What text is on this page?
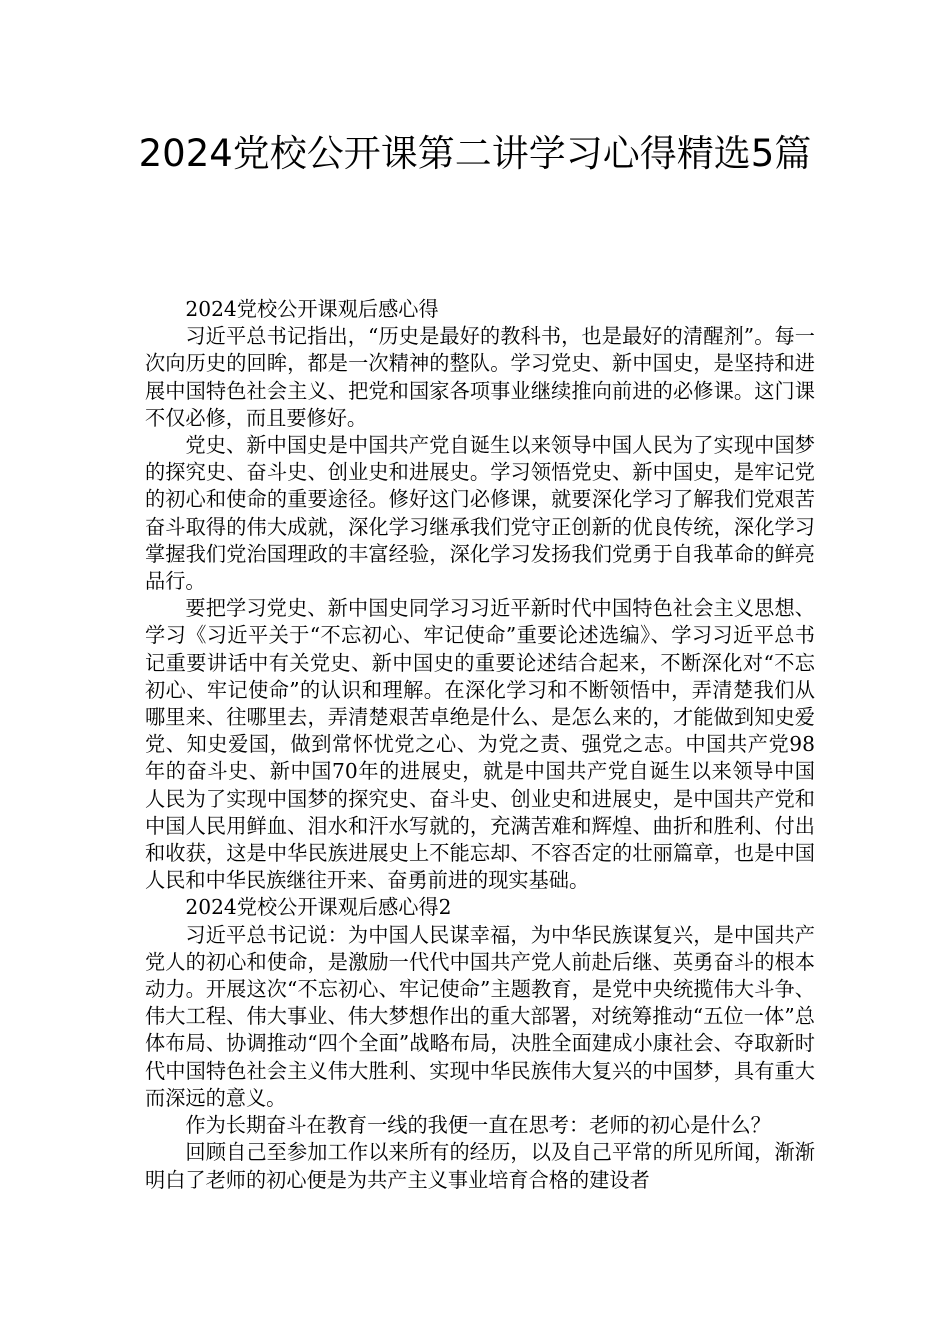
2024党校公开课第二讲学习心得精选5篇

2024党校公开课观后感心得

习近平总书记指出，“历史是最好的教科书，也是最好的清醒剂”。每一次向历史的回眸，都是一次精神的整队。学习党史、新中国史，是坚持和进展中国特色社会主义、把党和国家各项事业继续推向前进的必修课。这门课不仅必修，而且要修好。

党史、新中国史是中国共产党自诞生以来领导中国人民为了实现中国梦的探究史、奋斗史、创业史和进展史。学习领悟党史、新中国史，是牢记党的初心和使命的重要途径。修好这门必修课，就要深化学习了解我们党艰苦奋斗取得的伟大成就，深化学习继承我们党守正创新的优良传统，深化学习掌握我们党治国理政的丰富经验，深化学习发扬我们党勇于自我革命的鲜亮品行。

要把学习党史、新中国史同学习习近平新时代中国特色社会主义思想、学习《习近平关于“不忘初心、牢记使命”重要论述选编》、学习习近平总书记重要讲话中有关党史、新中国史的重要论述结合起来，不断深化对“不忘初心、牢记使命”的认识和理解。在深化学习和不断领悟中，弄清楚我们从哪里来、往哪里去，弄清楚艰苦卓绝是什么、是怎么来的，才能做到知史爱党、知史爱国，做到常怀忧党之心、为党之责、强党之志。中国共产党98年的奋斗史、新中国70年的进展史，就是中国共产党自诞生以来领导中国人民为了实现中国梦的探究史、奋斗史、创业史和进展史，是中国共产党和中国人民用鲜血、泪水和汗水写就的，充满苦难和辉煌、曲折和胜利、付出和收获，这是中华民族进展史上不能忘却、不容否定的壮丽篇章，也是中国人民和中华民族继往开来、奋勇前进的现实基础。

2024党校公开课观后感心得2

习近平总书记说：为中国人民谋幸福，为中华民族谋复兴，是中国共产党人的初心和使命，是激励一代代中国共产党人前赴后继、英勇奋斗的根本动力。开展这次“不忘初心、牢记使命”主题教育，是党中央统揽伟大斗争、伟大工程、伟大事业、伟大梦想作出的重大部署，对统筹推动“五位一体”总体布局、协调推动“四个全面”战略布局，决胜全面建成小康社会、夺取新时代中国特色社会主义伟大胜利、实现中华民族伟大复兴的中国梦，具有重大而深远的意义。

作为长期奋斗在教育一线的我便一直在思考：老师的初心是什么？

回顾自己至参加工作以来所有的经历，以及自己平常的所见所闻，渐渐明白了老师的初心便是为共产主义事业培育合格的建设者
